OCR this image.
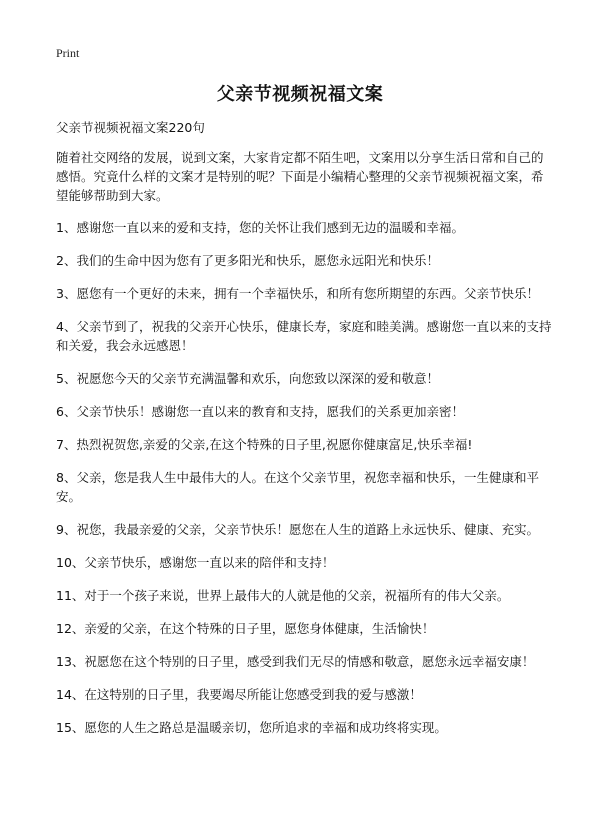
Print
父亲节视频祝福文案

父亲节视频祝福文案220句

随着社交网络的发展，说到文案，大家肯定都不陌生吧，文案用以分享生活日常和自己的感悟。究竟什么样的文案才是特别的呢？下面是小编精心整理的父亲节视频祝福文案，希望能够帮助到大家。

1、感谢您一直以来的爱和支持，您的关怀让我们感到无边的温暖和幸福。
2、我们的生命中因为您有了更多阳光和快乐，愿您永远阳光和快乐！
3、愿您有一个更好的未来，拥有一个幸福快乐，和所有您所期望的东西。父亲节快乐！
4、父亲节到了，祝我的父亲开心快乐，健康长寿，家庭和睦美满。感谢您一直以来的支持和关爱，我会永远感恩！
5、祝愿您今天的父亲节充满温馨和欢乐，向您致以深深的爱和敬意！
6、父亲节快乐！感谢您一直以来的教育和支持，愿我们的关系更加亲密！
7、热烈祝贺您,亲爱的父亲,在这个特殊的日子里,祝愿你健康富足,快乐幸福!
8、父亲，您是我人生中最伟大的人。在这个父亲节里，祝您幸福和快乐，一生健康和平安。
9、祝您，我最亲爱的父亲，父亲节快乐！愿您在人生的道路上永远快乐、健康、充实。
10、父亲节快乐，感谢您一直以来的陪伴和支持！
11、对于一个孩子来说，世界上最伟大的人就是他的父亲，祝福所有的伟大父亲。
12、亲爱的父亲，在这个特殊的日子里，愿您身体健康，生活愉快！
13、祝愿您在这个特别的日子里，感受到我们无尽的情感和敬意，愿您永远幸福安康！
14、在这特别的日子里，我要竭尽所能让您感受到我的爱与感激！
15、愿您的人生之路总是温暖亲切，您所追求的幸福和成功终将实现。
